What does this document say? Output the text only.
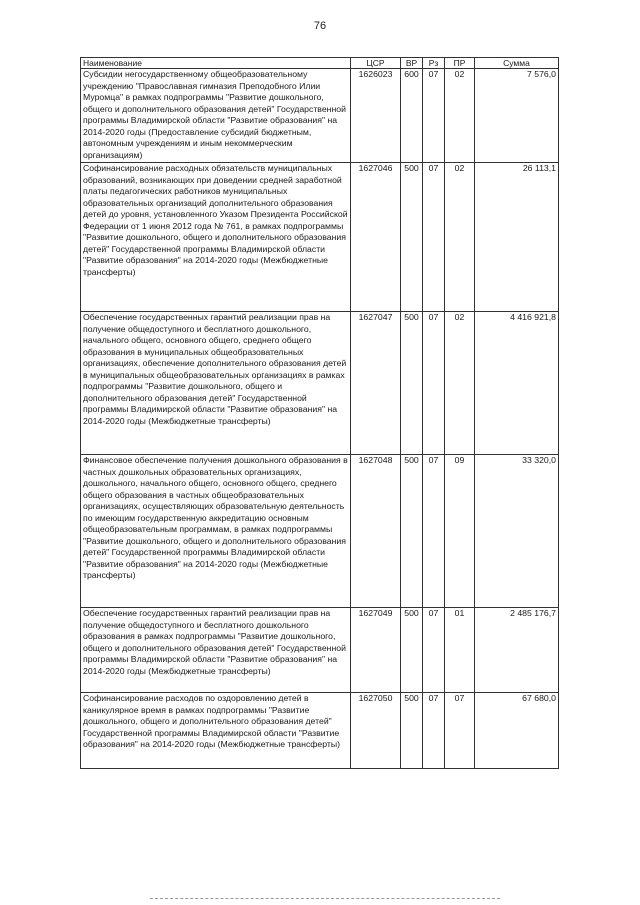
76
Наименование	ЦСР	ВР	Рз	ПР	Сумма
Субсидии негосударственному общеобразовательному учреждению "Православная гимназия Преподобного Илии Муромца" в рамках подпрограммы "Развитие дошкольного, общего и дополнительного образования детей" Государственной программы Владимирской области "Развитие образования" на 2014-2020 годы (Предоставление субсидий бюджетным, автономным учреждениям и иным некоммерческим организациям)	1626023	600	07	02	7 576,0
Софинансирование расходных обязательств муниципальных образований, возникающих при доведении средней заработной платы педагогических работников муниципальных образовательных организаций дополнительного образования детей до уровня, установленного Указом Президента Российской Федерации от 1 июня 2012 года № 761, в рамках подпрограммы "Развитие дошкольного, общего и дополнительного образования детей" Государственной программы Владимирской области "Развитие образования" на 2014-2020 годы (Межбюджетные трансферты)	1627046	500	07	02	26 113,1
Обеспечение государственных гарантий реализации прав на получение общедоступного и бесплатного дошкольного, начального общего, основного общего, среднего общего образования в муниципальных общеобразовательных организациях, обеспечение дополнительного образования детей в муниципальных общеобразовательных организациях в рамках подпрограммы "Развитие дошкольного, общего и дополнительного образования детей" Государственной программы Владимирской области "Развитие образования" на 2014-2020 годы (Межбюджетные трансферты)	1627047	500	07	02	4 416 921,8
Финансовое обеспечение получения дошкольного образования в частных дошкольных образовательных организациях, дошкольного, начального общего, основного общего, среднего общего образования в частных общеобразовательных организациях, осуществляющих образовательную деятельность по имеющим государственную аккредитацию основным общеобразовательным программам, в рамках подпрограммы "Развитие дошкольного, общего и дополнительного образования детей" Государственной программы Владимирской области "Развитие образования" на 2014-2020 годы (Межбюджетные трансферты)	1627048	500	07	09	33 320,0
Обеспечение государственных гарантий реализации прав на получение общедоступного и бесплатного дошкольного образования в рамках подпрограммы "Развитие дошкольного, общего и дополнительного образования детей" Государственной программы Владимирской области "Развитие образования" на 2014-2020 годы (Межбюджетные трансферты)	1627049	500	07	01	2 485 176,7
Софинансирование расходов по оздоровлению детей в каникулярное время в рамках подпрограммы "Развитие дошкольного, общего и дополнительного образования детей" Государственной программы Владимирской области "Развитие образования" на 2014-2020 годы (Межбюджетные трансферты)	1627050	500	07	07	67 680,0
